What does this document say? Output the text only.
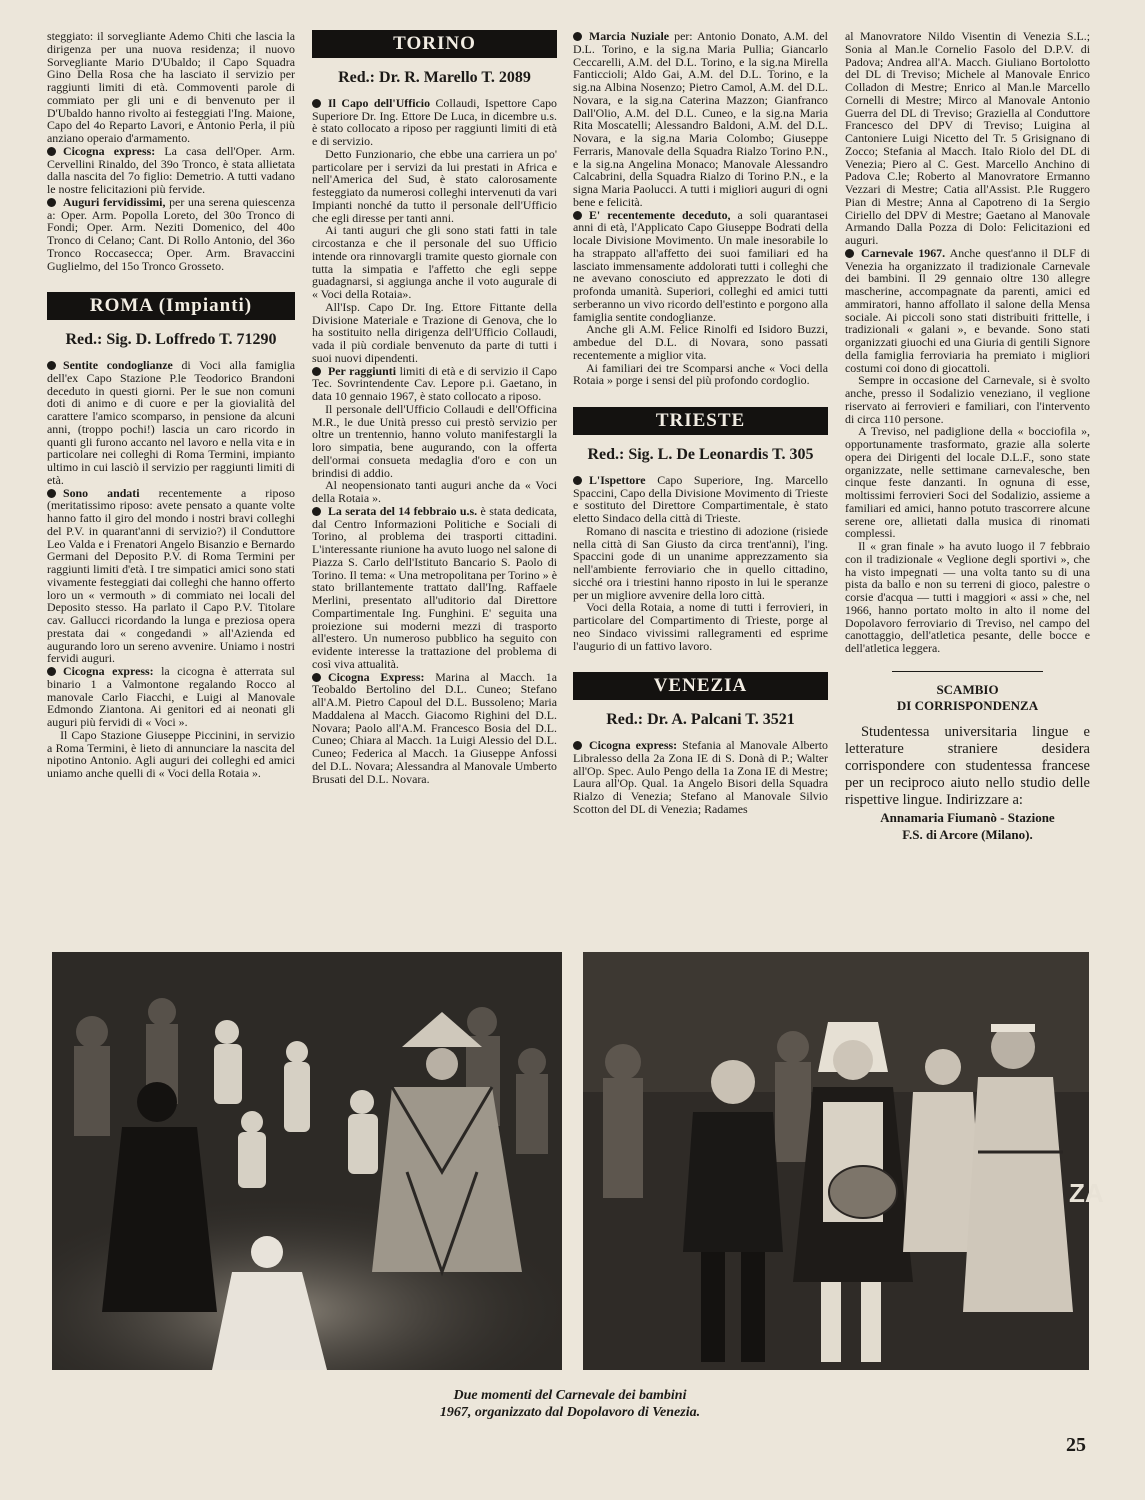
steggiato: il sorvegliante Ademo Chiti che lascia la dirigenza per una nuova residenza; il nuovo Sorvegliante Mario D'Ubaldo; il Capo Squadra Gino Della Rosa che ha lasciato il servizio per raggiunti limiti di età. Commoventi parole di commiato per gli uni e di benvenuto per il D'Ubaldo hanno rivolto ai festeggiati l'Ing. Maione, Capo del 4o Reparto Lavori, e Antonio Perla, il più anziano operaio d'armamento.

Cicogna express: La casa dell'Oper. Arm. Cervellini Rinaldo, del 39o Tronco, è stata allietata dalla nascita del 7o figlio: Demetrio. A tutti vadano le nostre felicitazioni più fervide.

Auguri fervidissimi, per una serena quiescenza a: Oper. Arm. Popolla Loreto, del 30o Tronco di Fondi; Oper. Arm. Neziti Domenico, del 40o Tronco di Celano; Cant. Di Rollo Antonio, del 36o Tronco Roccasecca; Oper. Arm. Bravaccini Guglielmo, del 15o Tronco Grosseto.

ROMA (Impianti)
Red.: Sig. D. Loffredo T. 71290

Sentite condoglianze di Voci alla famiglia dell'ex Capo Stazione P.le Teodorico Brandoni deceduto in questi giorni. Per le sue non comuni doti di animo e di cuore e per la giovialità del carattere l'amico scomparso, in pensione da alcuni anni, (troppo pochi!) lascia un caro ricordo in quanti gli furono accanto nel lavoro e nella vita e in particolare nei colleghi di Roma Termini, impianto ultimo in cui lasciò il servizio per raggiunti limiti di età.

Sono andati recentemente a riposo (meritatissimo riposo: avete pensato a quante volte hanno fatto il giro del mondo i nostri bravi colleghi del P.V. in quarant'anni di servizio?) il Conduttore Leo Valda e i Frenatori Angelo Bisanzio e Bernardo Germani del Deposito P.V. di Roma Termini per raggiunti limiti d'età. I tre simpatici amici sono stati vivamente festeggiati dai colleghi che hanno offerto loro un « vermouth » di commiato nei locali del Deposito stesso. Ha parlato il Capo P.V. Titolare cav. Gallucci ricordando la lunga e preziosa opera prestata dai « congedandi » all'Azienda ed augurando loro un sereno avvenire. Uniamo i nostri fervidi auguri.

Cicogna express: la cicogna è atterrata sul binario 1 a Valmontone regalando Rocco al manovale Carlo Fiacchi, e Luigi al Manovale Edmondo Ziantona. Ai genitori ed ai neonati gli auguri più fervidi di « Voci ».

Il Capo Stazione Giuseppe Piccinini, in servizio a Roma Termini, è lieto di annunciare la nascita del nipotino Antonio. Agli auguri dei colleghi ed amici uniamo anche quelli di « Voci della Rotaia ».

TORINO
Red.: Dr. R. Marello T. 2089

Il Capo dell'Ufficio Collaudi, Ispettore Capo Superiore Dr. Ing. Ettore De Luca, in dicembre u.s. è stato collocato a riposo per raggiunti limiti di età e di servizio.

Detto Funzionario, che ebbe una carriera un po' particolare per i servizi da lui prestati in Africa e nell'America del Sud, è stato calorosamente festeggiato da numerosi colleghi intervenuti da vari Impianti nonché da tutto il personale dell'Ufficio che egli diresse per tanti anni.

Ai tanti auguri che gli sono stati fatti in tale circostanza e che il personale del suo Ufficio intende ora rinnovargli tramite questo giornale con tutta la simpatia e l'affetto che egli seppe guadagnarsi, si aggiunga anche il voto augurale di « Voci della Rotaia».

All'Isp. Capo Dr. Ing. Ettore Fittante della Divisione Materiale e Trazione di Genova, che lo ha sostituito nella dirigenza dell'Ufficio Collaudi, vada il più cordiale benvenuto da parte di tutti i suoi nuovi dipendenti.

Per raggiunti limiti di età e di servizio il Capo Tec. Sovrintendente Cav. Lepore p.i. Gaetano, in data 10 gennaio 1967, è stato collocato a riposo.

Il personale dell'Ufficio Collaudi e dell'Officina M.R., le due Unità presso cui prestò servizio per oltre un trentennio, hanno voluto manifestargli la loro simpatia, bene augurando, con la offerta dell'ormai consueta medaglia d'oro e con un brindisi di addio.

Al neopensionato tanti auguri anche da « Voci della Rotaia ».

La serata del 14 febbraio u.s. è stata dedicata, dal Centro Informazioni Politiche e Sociali di Torino, al problema dei trasporti cittadini. L'interessante riunione ha avuto luogo nel salone di Piazza S. Carlo dell'Istituto Bancario S. Paolo di Torino. Il tema: « Una metropolitana per Torino » è stato brillantemente trattato dall'Ing. Raffaele Merlini, presentato all'uditorio dal Direttore Compartimentale Ing. Funghini. E' seguita una proiezione sui moderni mezzi di trasporto all'estero. Un numeroso pubblico ha seguito con evidente interesse la trattazione del problema di così viva attualità.

Cicogna Express: Marina al Macch. 1a Teobaldo Bertolino del D.L. Cuneo; Stefano all'A.M. Pietro Capoul del D.L. Bussoleno; Maria Maddalena al Macch. Giacomo Righini del D.L. Novara; Paolo all'A.M. Francesco Bosia del D.L. Cuneo; Chiara al Macch. 1a Luigi Alessio del D.L. Cuneo; Federica al Macch. 1a Giuseppe Anfossi del D.L. Novara; Alessandra al Manovale Umberto Brusati del D.L. Novara.

Marcia Nuziale per: Antonio Donato, A.M. del D.L. Torino, e la sig.na Maria Pullia; Giancarlo Ceccarelli, A.M. del D.L. Torino, e la sig.na Mirella Fanticcioli; Aldo Gai, A.M. del D.L. Torino, e la sig.na Albina Nosenzo; Pietro Camol, A.M. del D.L. Novara, e la sig.na Caterina Mazzon; Gianfranco Dall'Olio, A.M. del D.L. Cuneo, e la sig.na Maria Rita Moscatelli; Alessandro Baldoni, A.M. del D.L. Novara, e la sig.na Maria Colombo; Giuseppe Ferraris, Manovale della Squadra Rialzo Torino P.N., e la sig.na Angelina Monaco; Manovale Alessandro Calcabrini, della Squadra Rialzo di Torino P.N., e la signa Maria Paolucci. A tutti i migliori auguri di ogni bene e felicità.

E' recentemente deceduto, a soli quarantasei anni di età, l'Applicato Capo Giuseppe Bodrati della locale Divisione Movimento. Un male inesorabile lo ha strappato all'affetto dei suoi familiari ed ha lasciato immensamente addolorati tutti i colleghi che ne avevano conosciuto ed apprezzato le doti di profonda umanità. Superiori, colleghi ed amici tutti serberanno un vivo ricordo dell'estinto e porgono alla famiglia sentite condoglianze.

Anche gli A.M. Felice Rinolfi ed Isidoro Buzzi, ambedue del D.L. di Novara, sono passati recentemente a miglior vita.

Ai familiari dei tre Scomparsi anche « Voci della Rotaia » porge i sensi del più profondo cordoglio.

TRIESTE
Red.: Sig. L. De Leonardis T. 305

L'Ispettore Capo Superiore, Ing. Marcello Spaccini, Capo della Divisione Movimento di Trieste e sostituto del Direttore Compartimentale, è stato eletto Sindaco della città di Trieste.

Romano di nascita e triestino di adozione (risiede nella città di San Giusto da circa trent'anni), l'ing. Spaccini gode di un unanime apprezzamento sia nell'ambiente ferroviario che in quello cittadino, sicché ora i triestini hanno riposto in lui le speranze per un migliore avvenire della loro città.

Voci della Rotaia, a nome di tutti i ferrovieri, in particolare del Compartimento di Trieste, porge al neo Sindaco vivissimi rallegramenti ed esprime l'augurio di un fattivo lavoro.

VENEZIA
Red.: Dr. A. Palcani T. 3521

Cicogna express: Stefania al Manovale Alberto Libralesso della 2a Zona IE di S. Donà di P.; Walter all'Op. Spec. Aulo Pengo della 1a Zona IE di Mestre; Laura all'Op. Qual. 1a Angelo Bisori della Squadra Rialzo di Venezia; Stefano al Manovale Silvio Scotton del DL di Venezia; Radames

al Manovratore Nildo Visentin di Venezia S.L.; Sonia al Man.le Cornelio Fasolo del D.P.V. di Padova; Andrea all'A. Macch. Giuliano Bortolotto del DL di Treviso; Michele al Manovale Enrico Colladon di Mestre; Enrico al Man.le Marcello Cornelli di Mestre; Mirco al Manovale Antonio Guerra del DL di Treviso; Graziella al Conduttore Francesco del DPV di Treviso; Luigina al Cantoniere Luigi Nicetto del Tr. 5 Grisignano di Zocco; Stefania al Macch. Italo Riolo del DL di Venezia; Piero al C. Gest. Marcello Anchino di Padova C.le; Roberto al Manovratore Ermanno Vezzari di Mestre; Catia all'Assist. P.le Ruggero Pian di Mestre; Anna al Capotreno di 1a Sergio Ciriello del DPV di Mestre; Gaetano al Manovale Armando Dalla Pozza di Dolo: Felicitazioni ed auguri.

Carnevale 1967. Anche quest'anno il DLF di Venezia ha organizzato il tradizionale Carnevale dei bambini. Il 29 gennaio oltre 130 allegre mascherine, accompagnate da parenti, amici ed ammiratori, hanno affollato il salone della Mensa sociale. Ai piccoli sono stati distribuiti frittelle, i tradizionali « galani », e bevande. Sono stati organizzati giuochi ed una Giuria di gentili Signore della famiglia ferroviaria ha premiato i migliori costumi coi dono di giocattoli.

Sempre in occasione del Carnevale, si è svolto anche, presso il Sodalizio veneziano, il veglione riservato ai ferrovieri e familiari, con l'intervento di circa 110 persone.

A Treviso, nel padiglione della « bocciofila », opportunamente trasformato, grazie alla solerte opera dei Dirigenti del locale D.L.F., sono state organizzate, nelle settimane carnevalesche, ben cinque feste danzanti. In ognuna di esse, moltissimi ferrovieri Soci del Sodalizio, assieme a familiari ed amici, hanno potuto trascorrere alcune serene ore, allietati dalla musica di rinomati complessi.

Il « gran finale » ha avuto luogo il 7 febbraio con il tradizionale « Veglione degli sportivi », che ha visto impegnati — una volta tanto su di una pista da ballo e non su terreni di gioco, palestre o corsie d'acqua — tutti i maggiori « assi » che, nel 1966, hanno portato molto in alto il nome del Dopolavoro ferroviario di Treviso, nel campo del canottaggio, dell'atletica pesante, delle bocce e dell'atletica leggera.

SCAMBIO
DI CORRISPONDENZA

Studentessa universitaria lingue e letterature straniere desidera corrispondere con studentessa francese per un reciproco aiuto nello studio delle rispettive lingue. Indirizzare a:

Annamaria Fiumanò - Stazione
F.S. di Arcore (Milano).
ZA
Due momenti del Carnevale dei bambini
1967, organizzato dal Dopolavoro di Venezia.
25
